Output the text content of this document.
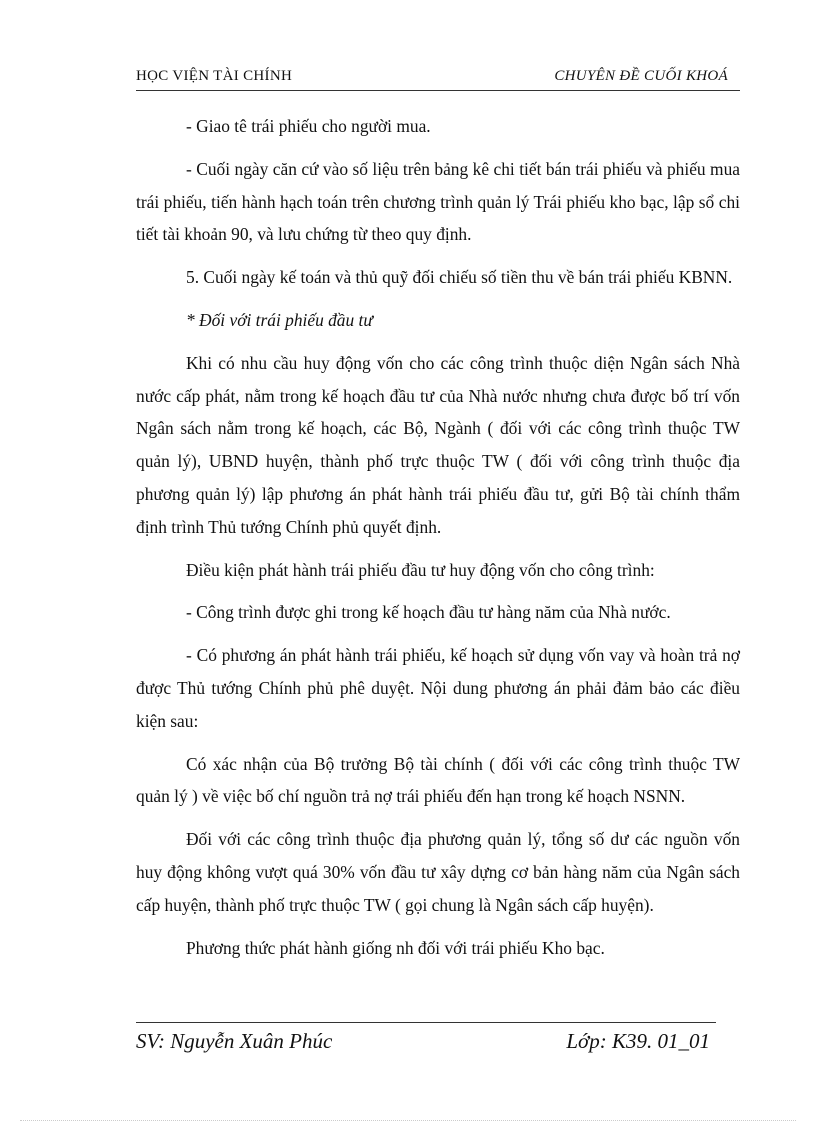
HỌC VIỆN TÀI CHÍNH	CHUYÊN ĐỀ CUỐI KHOÁ

- Giao tê trái phiếu cho người mua.

- Cuối ngày căn cứ vào số liệu trên bảng kê chi tiết bán trái phiếu và phiếu mua trái phiếu, tiến hành hạch toán trên chương trình quản lý Trái phiếu kho bạc, lập sổ chi tiết tài khoản 90, và lưu chứng từ theo quy định.

5. Cuối ngày kế toán và thủ quỹ đối chiếu số tiền thu về bán trái phiếu KBNN.

* Đối với trái phiếu đầu tư

Khi có nhu cầu huy động vốn cho các công trình thuộc diện Ngân sách Nhà nước cấp phát, nằm trong kế hoạch đầu tư của Nhà nước nhưng chưa được bố trí vốn Ngân sách nằm trong kế hoạch, các Bộ, Ngành ( đối với các công trình thuộc TW quản lý), UBND huyện, thành phố trực thuộc TW ( đối với công trình thuộc địa phương quản lý) lập phương án phát hành trái phiếu đầu tư, gửi Bộ tài chính thẩm định trình Thủ tướng Chính phủ quyết định.

Điều kiện phát hành trái phiếu đầu tư huy động vốn cho công trình:

- Công trình được ghi trong kế hoạch đầu tư hàng năm của Nhà nước.

- Có phương án phát hành trái phiếu, kế hoạch sử dụng vốn vay và hoàn trả nợ được Thủ tướng Chính phủ phê duyệt. Nội dung phương án phải đảm bảo các điều kiện sau:

Có xác nhận của Bộ trưởng Bộ tài chính ( đối với các công trình thuộc TW quản lý ) về việc bố chí nguồn trả nợ trái phiếu đến hạn trong kế hoạch NSNN.

Đối với các công trình thuộc địa phương quản lý, tổng số dư các nguồn vốn huy động không vượt quá 30% vốn đầu tư xây dựng cơ bản hàng năm của Ngân sách cấp huyện, thành phố trực thuộc TW ( gọi chung là Ngân sách cấp huyện).

Phương thức phát hành giống nh đối với trái phiếu Kho bạc.

SV: Nguyễn Xuân Phúc	Lớp: K39. 01_01
